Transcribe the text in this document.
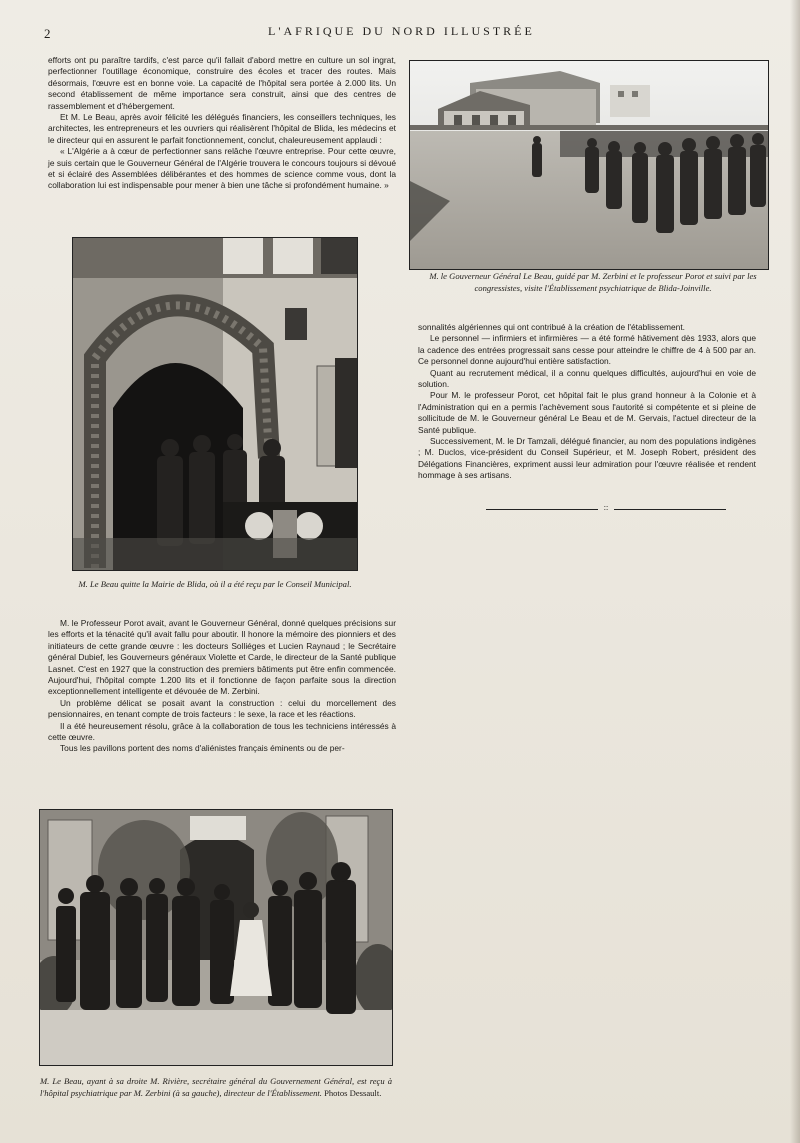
2	L'AFRIQUE DU NORD ILLUSTRÉE

efforts ont pu paraître tardifs, c'est parce qu'il fallait d'abord mettre en culture un sol ingrat, perfectionner l'outillage économique, construire des écoles et tracer des routes. Mais désormais, l'œuvre est en bonne voie. La capacité de l'hôpital sera portée à 2.000 lits. Un second établissement de même importance sera construit, ainsi que des centres de rassemblement et d'hébergement.

Et M. Le Beau, après avoir félicité les délégués financiers, les conseillers techniques, les architectes, les entrepreneurs et les ouvriers qui réalisèrent l'hôpital de Blida, les médecins et le directeur qui en assurent le parfait fonctionnement, conclut, chaleureusement applaudi :

« L'Algérie a à cœur de perfectionner sans relâche l'œuvre entreprise. Pour cette œuvre, je suis certain que le Gouverneur Général de l'Algérie trouvera le concours toujours si dévoué et si éclairé des Assemblées délibérantes et des hommes de science comme vous, dont la collaboration lui est indispensable pour mener à bien une tâche si profondément humaine. »

M. le Gouverneur Général Le Beau, guidé par M. Zerbini et le professeur Porot et suivi par les congressistes, visite l'Établissement psychiatrique de Blida-Joinville.
M. Le Beau quitte la Mairie de Blida, où il a été reçu par le Conseil Municipal.

M. le Professeur Porot avait, avant le Gouverneur Général, donné quelques précisions sur les efforts et la ténacité qu'il avait fallu pour aboutir. Il honore la mémoire des pionniers et des initiateurs de cette grande œuvre : les docteurs Solliéges et Lucien Raynaud ; le Secrétaire général Dubief, les Gouverneurs généraux Violette et Carde, le directeur de la Santé publique Lasnet. C'est en 1927 que la construction des premiers bâtiments put être enfin commencée. Aujourd'hui, l'hôpital compte 1.200 lits et il fonctionne de façon parfaite sous la direction exceptionnellement intelligente et dévouée de M. Zerbini.

Un problème délicat se posait avant la construction : celui du morcellement des pensionnaires, en tenant compte de trois facteurs : le sexe, la race et les réactions.

Il a été heureusement résolu, grâce à la collaboration de tous les techniciens intéressés à cette œuvre.

Tous les pavillons portent des noms d'aliénistes français éminents ou de per-

sonnalités algériennes qui ont contribué à la création de l'établissement.

Le personnel — infirmiers et infirmières — a été formé hâtivement dès 1933, alors que la cadence des entrées progressait sans cesse pour atteindre le chiffre de 4 à 500 par an. Ce personnel donne aujourd'hui entière satisfaction.

Quant au recrutement médical, il a connu quelques difficultés, aujourd'hui en voie de solution.

Pour M. le professeur Porot, cet hôpital fait le plus grand honneur à la Colonie et à l'Administration qui en a permis l'achèvement sous l'autorité si compétente et si pleine de sollicitude de M. le Gouverneur général Le Beau et de M. Gervais, l'actuel directeur de la Santé publique.

Successivement, M. le Dr Tamzali, délégué financier, au nom des populations indigènes ; M. Duclos, vice-président du Conseil Supérieur, et M. Joseph Robert, président des Délégations Financières, expriment aussi leur admiration pour l'œuvre réalisée et rendent hommage à ses artisans.

::
M. Le Beau, ayant à sa droite M. Rivière, secrétaire général du Gouvernement Général, est reçu à l'hôpital psychiatrique par M. Zerbini (à sa gauche), directeur de l'Établissement. Photos Dessault.
